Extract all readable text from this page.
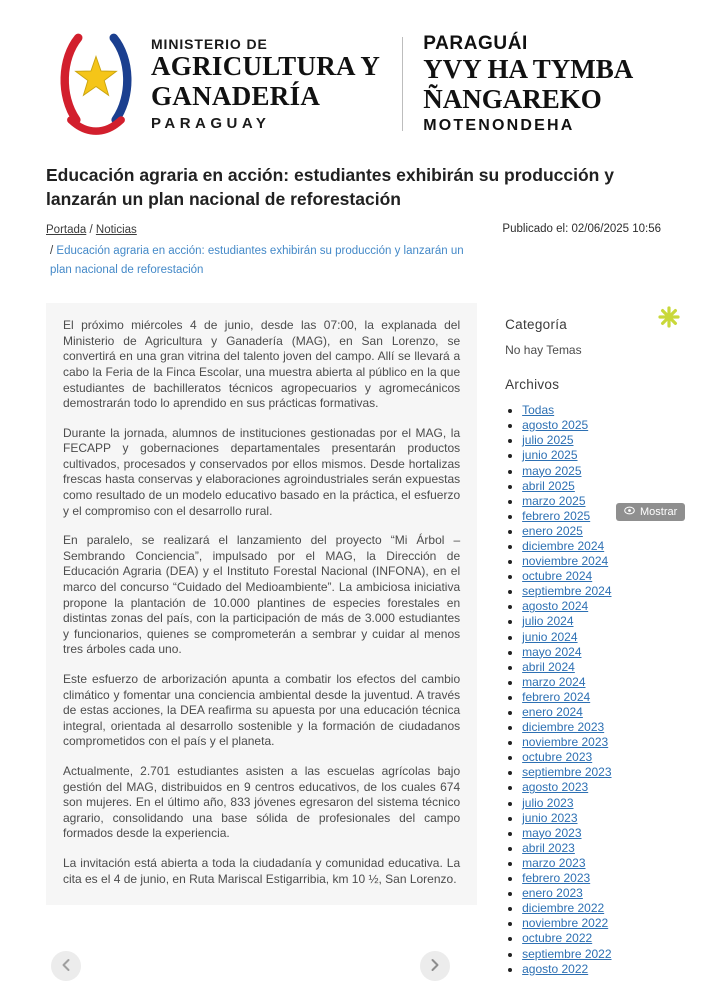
MINISTERIO DE
AGRICULTURA Y
GANADERÍA
PARAGUAY
PARAGUÁI
YVY HA TYMBA
ÑANGAREKO
MOTENONDEHA
Educación agraria en acción: estudiantes exhibirán su producción y lanzarán un plan nacional de reforestación
Portada / Noticias
/ Educación agraria en acción: estudiantes exhibirán su producción y lanzarán un plan nacional de reforestación
Publicado el: 02/06/2025 10:56

El próximo miércoles 4 de junio, desde las 07:00, la explanada del Ministerio de Agricultura y Ganadería (MAG), en San Lorenzo, se convertirá en una gran vitrina del talento joven del campo. Allí se llevará a cabo la Feria de la Finca Escolar, una muestra abierta al público en la que estudiantes de bachilleratos técnicos agropecuarios y agromecánicos demostrarán todo lo aprendido en sus prácticas formativas.

Durante la jornada, alumnos de instituciones gestionadas por el MAG, la FECAPP y gobernaciones departamentales presentarán productos cultivados, procesados y conservados por ellos mismos. Desde hortalizas frescas hasta conservas y elaboraciones agroindustriales serán expuestas como resultado de un modelo educativo basado en la práctica, el esfuerzo y el compromiso con el desarrollo rural.

En paralelo, se realizará el lanzamiento del proyecto “Mi Árbol – Sembrando Conciencia”, impulsado por el MAG, la Dirección de Educación Agraria (DEA) y el Instituto Forestal Nacional (INFONA), en el marco del concurso “Cuidado del Medioambiente”. La ambiciosa iniciativa propone la plantación de 10.000 plantines de especies forestales en distintas zonas del país, con la participación de más de 3.000 estudiantes y funcionarios, quienes se comprometerán a sembrar y cuidar al menos tres árboles cada uno.

Este esfuerzo de arborización apunta a combatir los efectos del cambio climático y fomentar una conciencia ambiental desde la juventud. A través de estas acciones, la DEA reafirma su apuesta por una educación técnica integral, orientada al desarrollo sostenible y la formación de ciudadanos comprometidos con el país y el planeta.

Actualmente, 2.701 estudiantes asisten a las escuelas agrícolas bajo gestión del MAG, distribuidos en 9 centros educativos, de los cuales 674 son mujeres. En el último año, 833 jóvenes egresaron del sistema técnico agrario, consolidando una base sólida de profesionales del campo formados desde la experiencia.

La invitación está abierta a toda la ciudadanía y comunidad educativa. La cita es el 4 de junio, en Ruta Mariscal Estigarribia, km 10 ½, San Lorenzo.

Categoría
No hay Temas
Archivos
• Todas
• agosto 2025
• julio 2025
• junio 2025
• mayo 2025
• abril 2025
• marzo 2025
• febrero 2025
• enero 2025
• diciembre 2024
• noviembre 2024
• octubre 2024
• septiembre 2024
• agosto 2024
• julio 2024
• junio 2024
• mayo 2024
• abril 2024
• marzo 2024
• febrero 2024
• enero 2024
• diciembre 2023
• noviembre 2023
• octubre 2023
• septiembre 2023
• agosto 2023
• julio 2023
• junio 2023
• mayo 2023
• abril 2023
• marzo 2023
• febrero 2023
• enero 2023
• diciembre 2022
• noviembre 2022
• octubre 2022
• septiembre 2022
• agosto 2022
Mostrar
